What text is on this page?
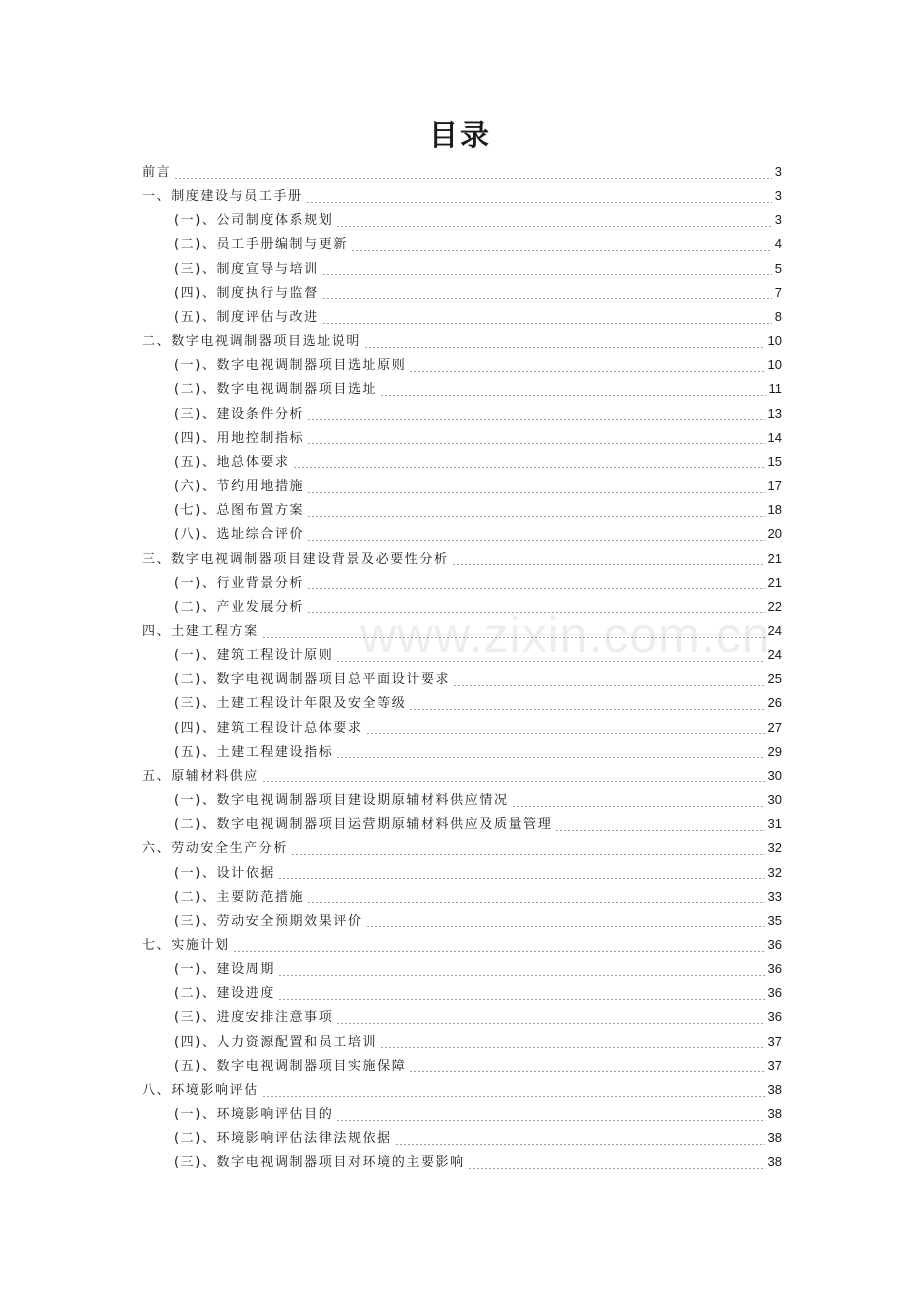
目录
前言	3
一、制度建设与员工手册	3
(一)、公司制度体系规划	3
(二)、员工手册编制与更新	4
(三)、制度宣导与培训	5
(四)、制度执行与监督	7
(五)、制度评估与改进	8
二、数字电视调制器项目选址说明	10
(一)、数字电视调制器项目选址原则	10
(二)、数字电视调制器项目选址	11
(三)、建设条件分析	13
(四)、用地控制指标	14
(五)、地总体要求	15
(六)、节约用地措施	17
(七)、总图布置方案	18
(八)、选址综合评价	20
三、数字电视调制器项目建设背景及必要性分析	21
(一)、行业背景分析	21
(二)、产业发展分析	22
四、土建工程方案	24
(一)、建筑工程设计原则	24
(二)、数字电视调制器项目总平面设计要求	25
(三)、土建工程设计年限及安全等级	26
(四)、建筑工程设计总体要求	27
(五)、土建工程建设指标	29
五、原辅材料供应	30
(一)、数字电视调制器项目建设期原辅材料供应情况	30
(二)、数字电视调制器项目运营期原辅材料供应及质量管理	31
六、劳动安全生产分析	32
(一)、设计依据	32
(二)、主要防范措施	33
(三)、劳动安全预期效果评价	35
七、实施计划	36
(一)、建设周期	36
(二)、建设进度	36
(三)、进度安排注意事项	36
(四)、人力资源配置和员工培训	37
(五)、数字电视调制器项目实施保障	37
八、环境影响评估	38
(一)、环境影响评估目的	38
(二)、环境影响评估法律法规依据	38
(三)、数字电视调制器项目对环境的主要影响	38
www.zixin.com.cn
